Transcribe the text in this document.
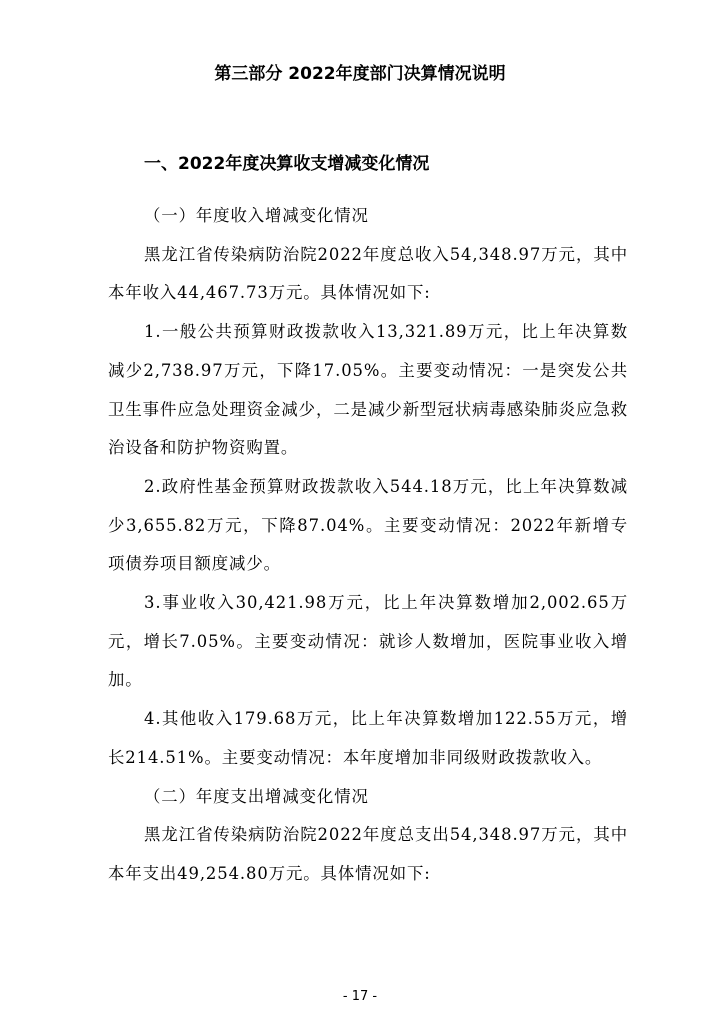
第三部分 2022年度部门决算情况说明
一、2022年度决算收支增减变化情况

（一）年度收入增减变化情况

黑龙江省传染病防治院2022年度总收入54,348.97万元，其中本年收入44,467.73万元。具体情况如下:

1.一般公共预算财政拨款收入13,321.89万元，比上年决算数减少2,738.97万元，下降17.05%。主要变动情况：一是突发公共卫生事件应急处理资金减少，二是减少新型冠状病毒感染肺炎应急救治设备和防护物资购置。

2.政府性基金预算财政拨款收入544.18万元，比上年决算数减少3,655.82万元，下降87.04%。主要变动情况：2022年新增专项债券项目额度减少。

3.事业收入30,421.98万元，比上年决算数增加2,002.65万元，增长7.05%。主要变动情况：就诊人数增加，医院事业收入增加。

4.其他收入179.68万元，比上年决算数增加122.55万元，增长214.51%。主要变动情况：本年度增加非同级财政拨款收入。

（二）年度支出增减变化情况

黑龙江省传染病防治院2022年度总支出54,348.97万元，其中本年支出49,254.80万元。具体情况如下:

- 17 -
